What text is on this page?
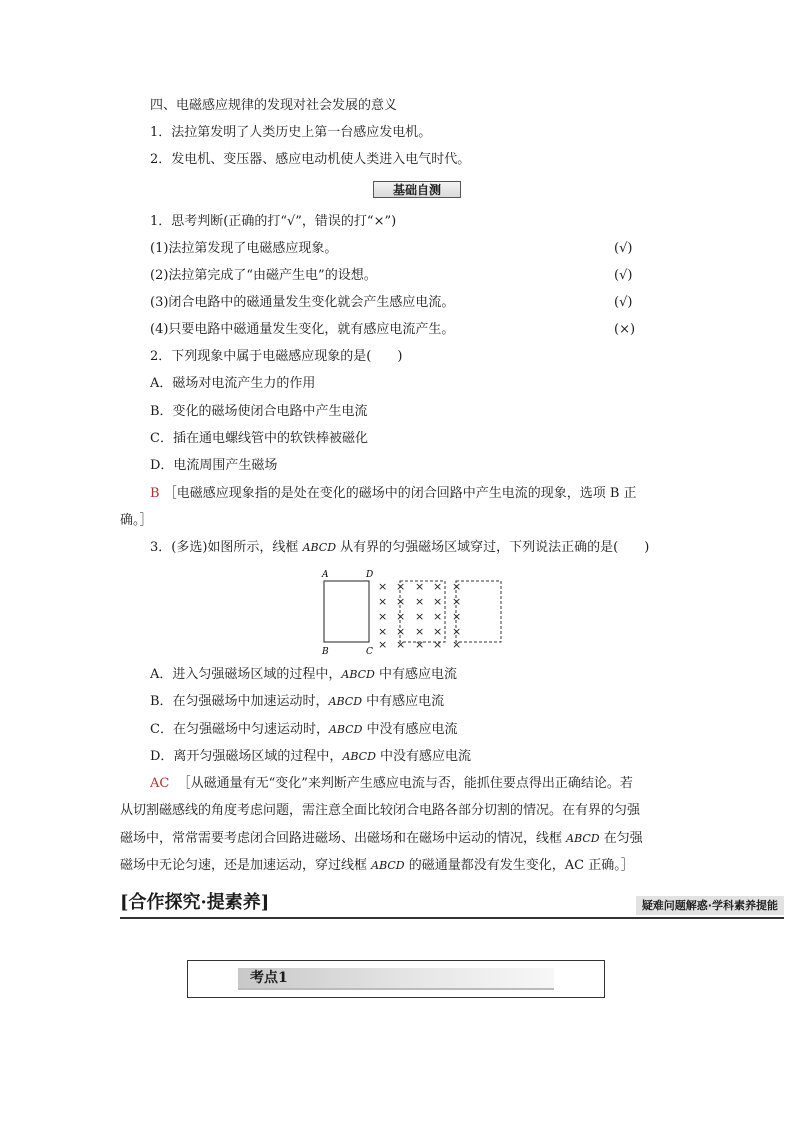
四、电磁感应规律的发现对社会发展的意义
1．法拉第发明了人类历史上第一台感应发电机。
2．发电机、变压器、感应电动机使人类进入电气时代。
基础自测
1．思考判断(正确的打“√”，错误的打“×”)
(1)法拉第发现了电磁感应现象。	(√)
(2)法拉第完成了“由磁产生电”的设想。	(√)
(3)闭合电路中的磁通量发生变化就会产生感应电流。	(√)
(4)只要电路中磁通量发生变化，就有感应电流产生。	(×)
2．下列现象中属于电磁感应现象的是(　　)
A．磁场对电流产生力的作用
B．变化的磁场使闭合电路中产生电流
C．插在通电螺线管中的软铁棒被磁化
D．电流周围产生磁场
B ［电磁感应现象指的是处在变化的磁场中的闭合回路中产生电流的现象，选项 B 正
确。］
3．(多选)如图所示，线框 ABCD 从有界的匀强磁场区域穿过，下列说法正确的是(　　)
A	D
B	C
×
×
×
×
×
×
×
×
×
×
×
×
×
×
×
×
×
×
×
×
×
×
×
×
×
A．进入匀强磁场区域的过程中，ABCD 中有感应电流
B．在匀强磁场中加速运动时，ABCD 中有感应电流
C．在匀强磁场中匀速运动时，ABCD 中没有感应电流
D．离开匀强磁场区域的过程中，ABCD 中没有感应电流
AC ［从磁通量有无“变化”来判断产生感应电流与否，能抓住要点得出正确结论。若
从切割磁感线的角度考虑问题，需注意全面比较闭合电路各部分切割的情况。在有界的匀强
磁场中，常常需要考虑闭合回路进磁场、出磁场和在磁场中运动的情况，线框 ABCD 在匀强
磁场中无论匀速，还是加速运动，穿过线框 ABCD 的磁通量都没有发生变化，AC 正确。］
[合作探究·提素养]	疑难问题解惑·学科素养提能
考点1
